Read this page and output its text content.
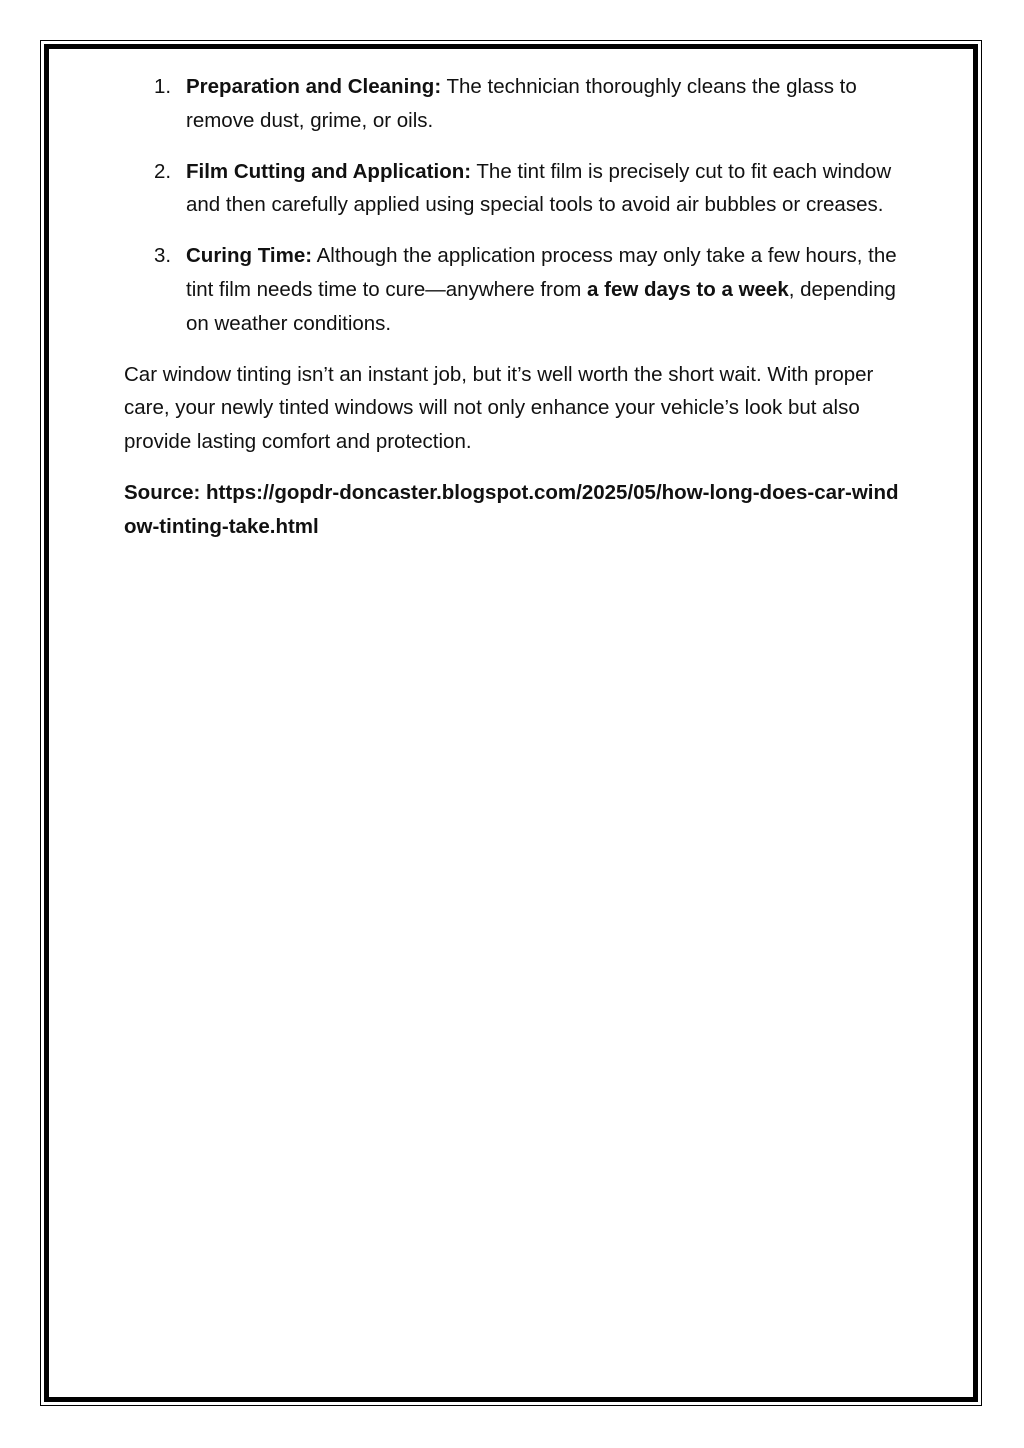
1. Preparation and Cleaning: The technician thoroughly cleans the glass to remove dust, grime, or oils.
2. Film Cutting and Application: The tint film is precisely cut to fit each window and then carefully applied using special tools to avoid air bubbles or creases.
3. Curing Time: Although the application process may only take a few hours, the tint film needs time to cure—anywhere from a few days to a week, depending on weather conditions.

Car window tinting isn’t an instant job, but it’s well worth the short wait. With proper care, your newly tinted windows will not only enhance your vehicle’s look but also provide lasting comfort and protection.

Source: https://gopdr-doncaster.blogspot.com/2025/05/how-long-does-car-window-tinting-take.html
